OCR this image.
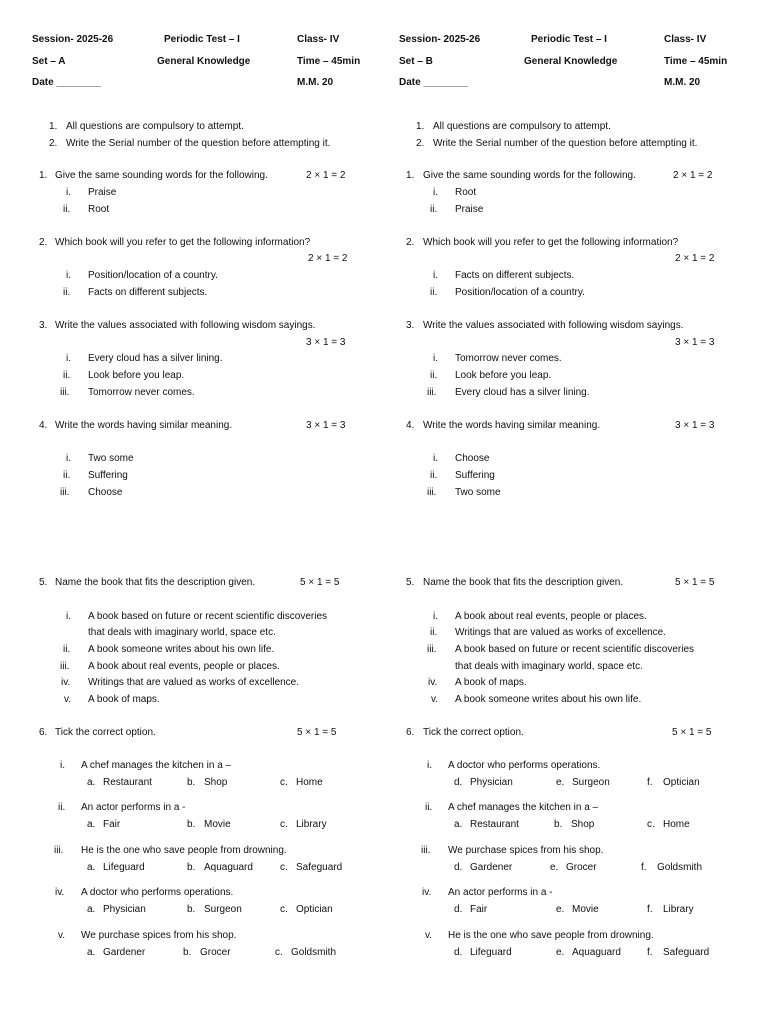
Session- 2025-26	Periodic Test – I	Class- IV
Set – A	General Knowledge	Time – 45min
Date ________	M.M. 20
1. All questions are compulsory to attempt.
2. Write the Serial number of the question before attempting it.
1. Give the same sounding words for the following.	2 × 1 = 2
i. Praise
ii. Root
2. Which book will you refer to get the following information?
2 × 1 = 2
i. Position/location of a country.
ii. Facts on different subjects.
3. Write the values associated with following wisdom sayings.
3 × 1 = 3
i. Every cloud has a silver lining.
ii. Look before you leap.
iii. Tomorrow never comes.
4. Write the words having similar meaning.	3 × 1 = 3
i. Two some
ii. Suffering
iii. Choose
5. Name the book that fits the description given.	5 × 1 = 5
i. A book based on future or recent scientific discoveries
that deals with imaginary world, space etc.
ii. A book someone writes about his own life.
iii. A book about real events, people or places.
iv. Writings that are valued as works of excellence.
v. A book of maps.
6. Tick the correct option.	5 × 1 = 5
i. A chef manages the kitchen in a –
a. Restaurant	b. Shop	c. Home
ii. An actor performs in a -
a. Fair	b. Movie	c. Library
iii. He is the one who save people from drowning.
a. Lifeguard	b. Aquaguard	c. Safeguard
iv. A doctor who performs operations.
a. Physician	b. Surgeon	c. Optician
v. We purchase spices from his shop.
a. Gardener	b. Grocer	c. Goldsmith
Session- 2025-26	Periodic Test – I	Class- IV
Set – B	General Knowledge	Time – 45min
Date ________	M.M. 20
1. All questions are compulsory to attempt.
2. Write the Serial number of the question before attempting it.
1. Give the same sounding words for the following.	2 × 1 = 2
i. Root
ii. Praise
2. Which book will you refer to get the following information?
2 × 1 = 2
i. Facts on different subjects.
ii. Position/location of a country.
3. Write the values associated with following wisdom sayings.
3 × 1 = 3
i. Tomorrow never comes.
ii. Look before you leap.
iii. Every cloud has a silver lining.
4. Write the words having similar meaning.	3 × 1 = 3
i. Choose
ii. Suffering
iii. Two some
5. Name the book that fits the description given.	5 × 1 = 5
i. A book about real events, people or places.
ii. Writings that are valued as works of excellence.
iii. A book based on future or recent scientific discoveries
that deals with imaginary world, space etc.
iv. A book of maps.
v. A book someone writes about his own life.
6. Tick the correct option.	5 × 1 = 5
i. A doctor who performs operations.
d. Physician	e. Surgeon	f. Optician
ii. A chef manages the kitchen in a –
a. Restaurant	b. Shop	c. Home
iii. We purchase spices from his shop.
d. Gardener	e. Grocer	f. Goldsmith
iv. An actor performs in a -
d. Fair	e. Movie	f. Library
v. He is the one who save people from drowning.
d. Lifeguard	e. Aquaguard	f. Safeguard
